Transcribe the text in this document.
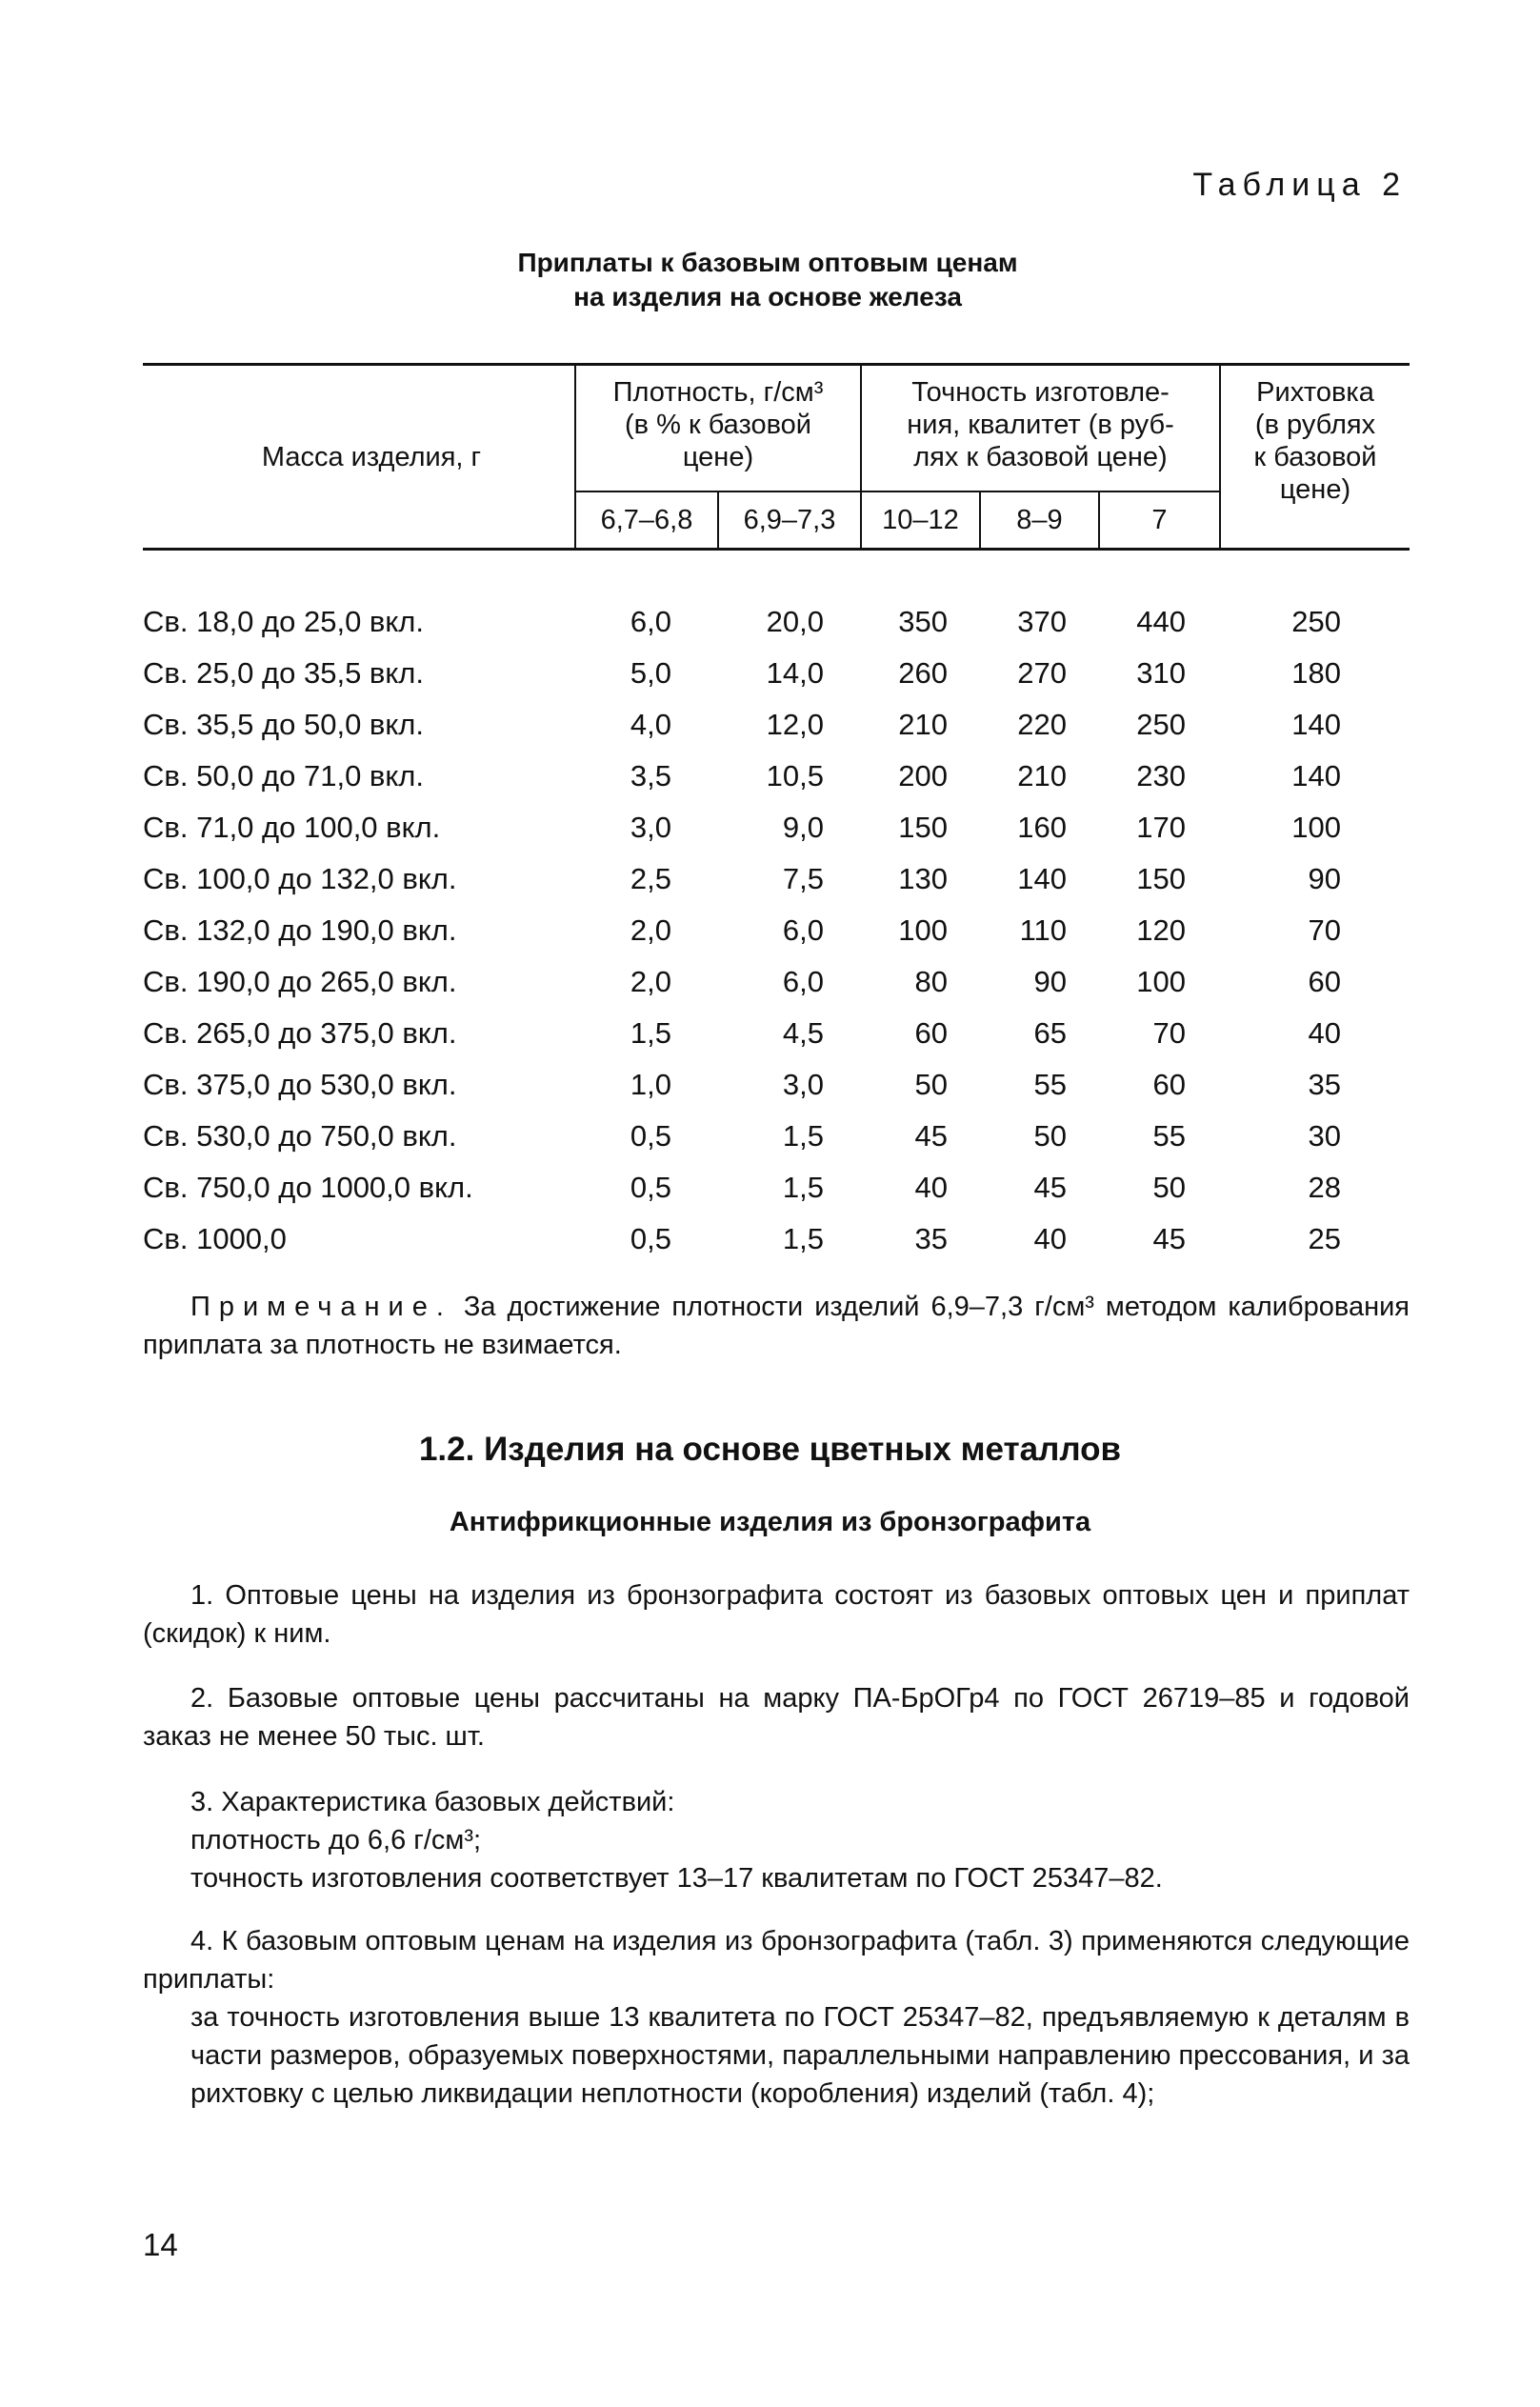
Таблица 2
Приплаты к базовым оптовым ценам
на изделия на основе железа
Масса изделия, г
Плотность, г/см³
(в % к базовой
цене)
Точность изготовле-
ния, квалитет (в руб-
лях к базовой цене)
Рихтовка
(в рублях
к базовой
цене)
6,7–6,8	6,9–7,3	10–12	8–9	7
Св. 18,0 до 25,0 вкл.	6,0	20,0	350	370	440	250
Св. 25,0 до 35,5 вкл.	5,0	14,0	260	270	310	180
Св. 35,5 до 50,0 вкл.	4,0	12,0	210	220	250	140
Св. 50,0 до 71,0 вкл.	3,5	10,5	200	210	230	140
Св. 71,0 до 100,0 вкл.	3,0	9,0	150	160	170	100
Св. 100,0 до 132,0 вкл.	2,5	7,5	130	140	150	90
Св. 132,0 до 190,0 вкл.	2,0	6,0	100	110	120	70
Св. 190,0 до 265,0 вкл.	2,0	6,0	80	90	100	60
Св. 265,0 до 375,0 вкл.	1,5	4,5	60	65	70	40
Св. 375,0 до 530,0 вкл.	1,0	3,0	50	55	60	35
Св. 530,0 до 750,0 вкл.	0,5	1,5	45	50	55	30
Св. 750,0 до 1000,0 вкл.	0,5	1,5	40	45	50	28
Св. 1000,0	0,5	1,5	35	40	45	25
Примечание. За достижение плотности изделий 6,9–7,3 г/см³ методом калибрования приплата за плотность не взимается.
1.2. Изделия на основе цветных металлов
Антифрикционные изделия из бронзографита
1. Оптовые цены на изделия из бронзографита состоят из базовых оптовых цен и приплат (скидок) к ним.
2. Базовые оптовые цены рассчитаны на марку ПА-БрОГр4 по ГОСТ 26719–85 и годовой заказ не менее 50 тыс. шт.
3. Характеристика базовых действий:
плотность до 6,6 г/см³;
точность изготовления соответствует 13–17 квалитетам по ГОСТ 25347–82.
4. К базовым оптовым ценам на изделия из бронзографита (табл. 3) применяются следующие приплаты:
за точность изготовления выше 13 квалитета по ГОСТ 25347–82, предъявляемую к деталям в части размеров, образуемых поверхностями, параллельными направлению прессования, и за рихтовку с целью ликвидации неплотности (коробления) изделий (табл. 4);
14
